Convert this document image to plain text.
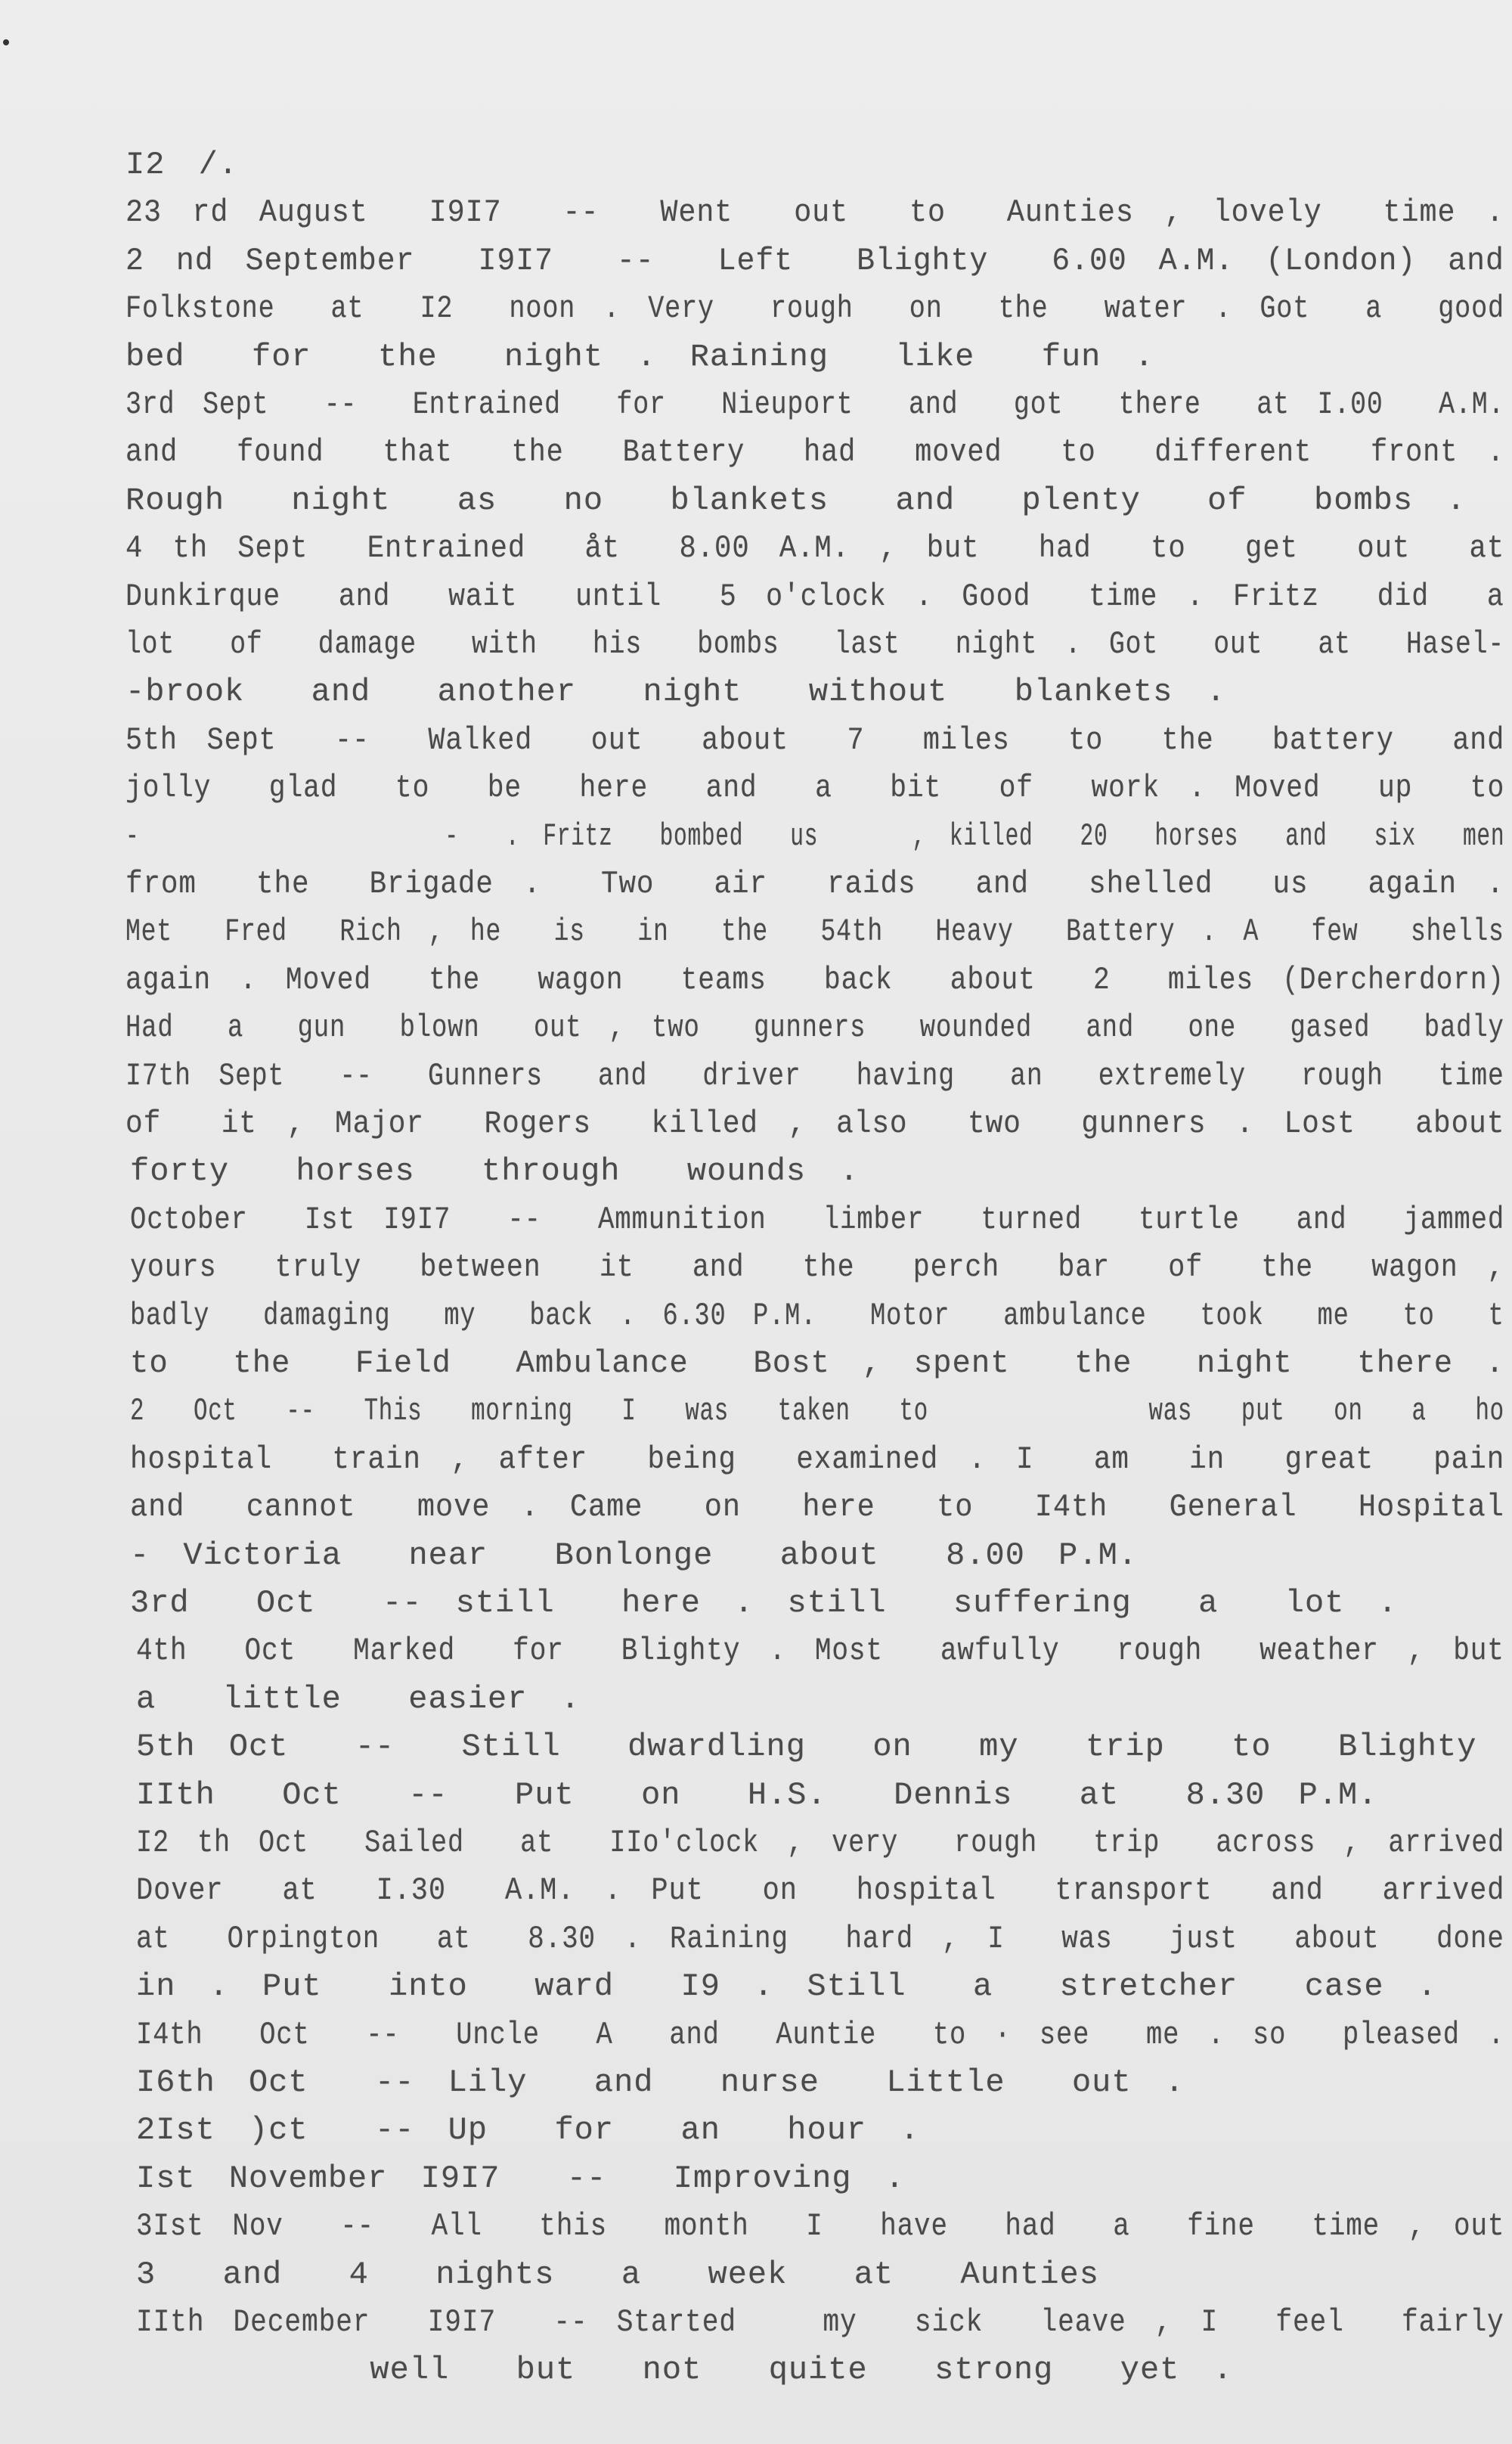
I2 /.
23 rd August  I9I7  --  Went  out  to  Aunties , lovely  time .
2 nd September  I9I7  --  Left  Blighty  6.00 A.M. (London) and
Folkstone  at  I2  noon . Very  rough  on  the  water . Got  a  good
bed  for  the  night . Raining  like  fun .
3rd Sept  --  Entrained  for  Nieuport  and  got  there  at I.00  A.M.
and  found  that  the  Battery  had  moved  to  different  front .
Rough  night  as  no  blankets  and  plenty  of  bombs .
4 th Sept  Entrained  åt  8.00 A.M. , but  had  to  get  out  at
Dunkirque  and  wait  until  5 o'clock . Good  time . Fritz  did  a
lot  of  damage  with  his  bombs  last  night . Got  out  at  Hasel-
-brook  and  another  night  without  blankets .
5th Sept  --  Walked  out  about  7  miles  to  the  battery  and
jolly  glad  to  be  here  and  a  bit  of  work . Moved  up  to
-             -  . Fritz  bombed  us    , killed  20  horses  and  six  men
from  the  Brigade .  Two  air  raids  and  shelled  us  again .
Met  Fred  Rich , he  is  in  the  54th  Heavy  Battery . A  few  shells
again . Moved  the  wagon  teams  back  about  2  miles (Dercherdorn)
Had  a  gun  blown  out , two  gunners  wounded  and  one  gased  badly
I7th Sept  --  Gunners  and  driver  having  an  extremely  rough  time
of  it , Major  Rogers  killed , also  two  gunners . Lost  about
forty  horses  through  wounds .
October  Ist I9I7  --  Ammunition  limber  turned  turtle  and  jammed
yours  truly  between  it  and  the  perch  bar  of  the  wagon ,
badly  damaging  my  back . 6.30 P.M.  Motor  ambulance  took  me  to  t
to  the  Field  Ambulance  Bost , spent  the  night  there .
2  Oct  --  This  morning  I  was  taken  to         was  put  on  a  ho
hospital  train , after  being  examined . I  am  in  great  pain
and  cannot  move . Came  on  here  to  I4th  General  Hospital
- Victoria  near  Bonlonge  about  8.00 P.M.
3rd  Oct  -- still  here . still  suffering  a  lot .
4th  Oct  Marked  for  Blighty . Most  awfully  rough  weather , but
a  little  easier .
5th Oct  --  Still  dwardling  on  my  trip  to  Blighty
IIth  Oct  --  Put  on  H.S.  Dennis  at  8.30 P.M.
I2 th Oct  Sailed  at  IIo'clock , very  rough  trip  across , arrived
Dover  at  I.30  A.M. . Put  on  hospital  transport  and  arrived
at  Orpington  at  8.30 . Raining  hard , I  was  just  about  done
in . Put  into  ward  I9 . Still  a  stretcher  case .
I4th  Oct  --  Uncle  A  and  Auntie  to · see  me . so  pleased .
I6th Oct  -- Lily  and  nurse  Little  out .
2Ist )ct  -- Up  for  an  hour .
Ist November I9I7  --  Improving .
3Ist Nov  --  All  this  month  I  have  had  a  fine  time , out
3  and  4  nights  a  week  at  Aunties
IIth December  I9I7  -- Started   my  sick  leave , I  feel  fairly
well  but  not  quite  strong  yet .
